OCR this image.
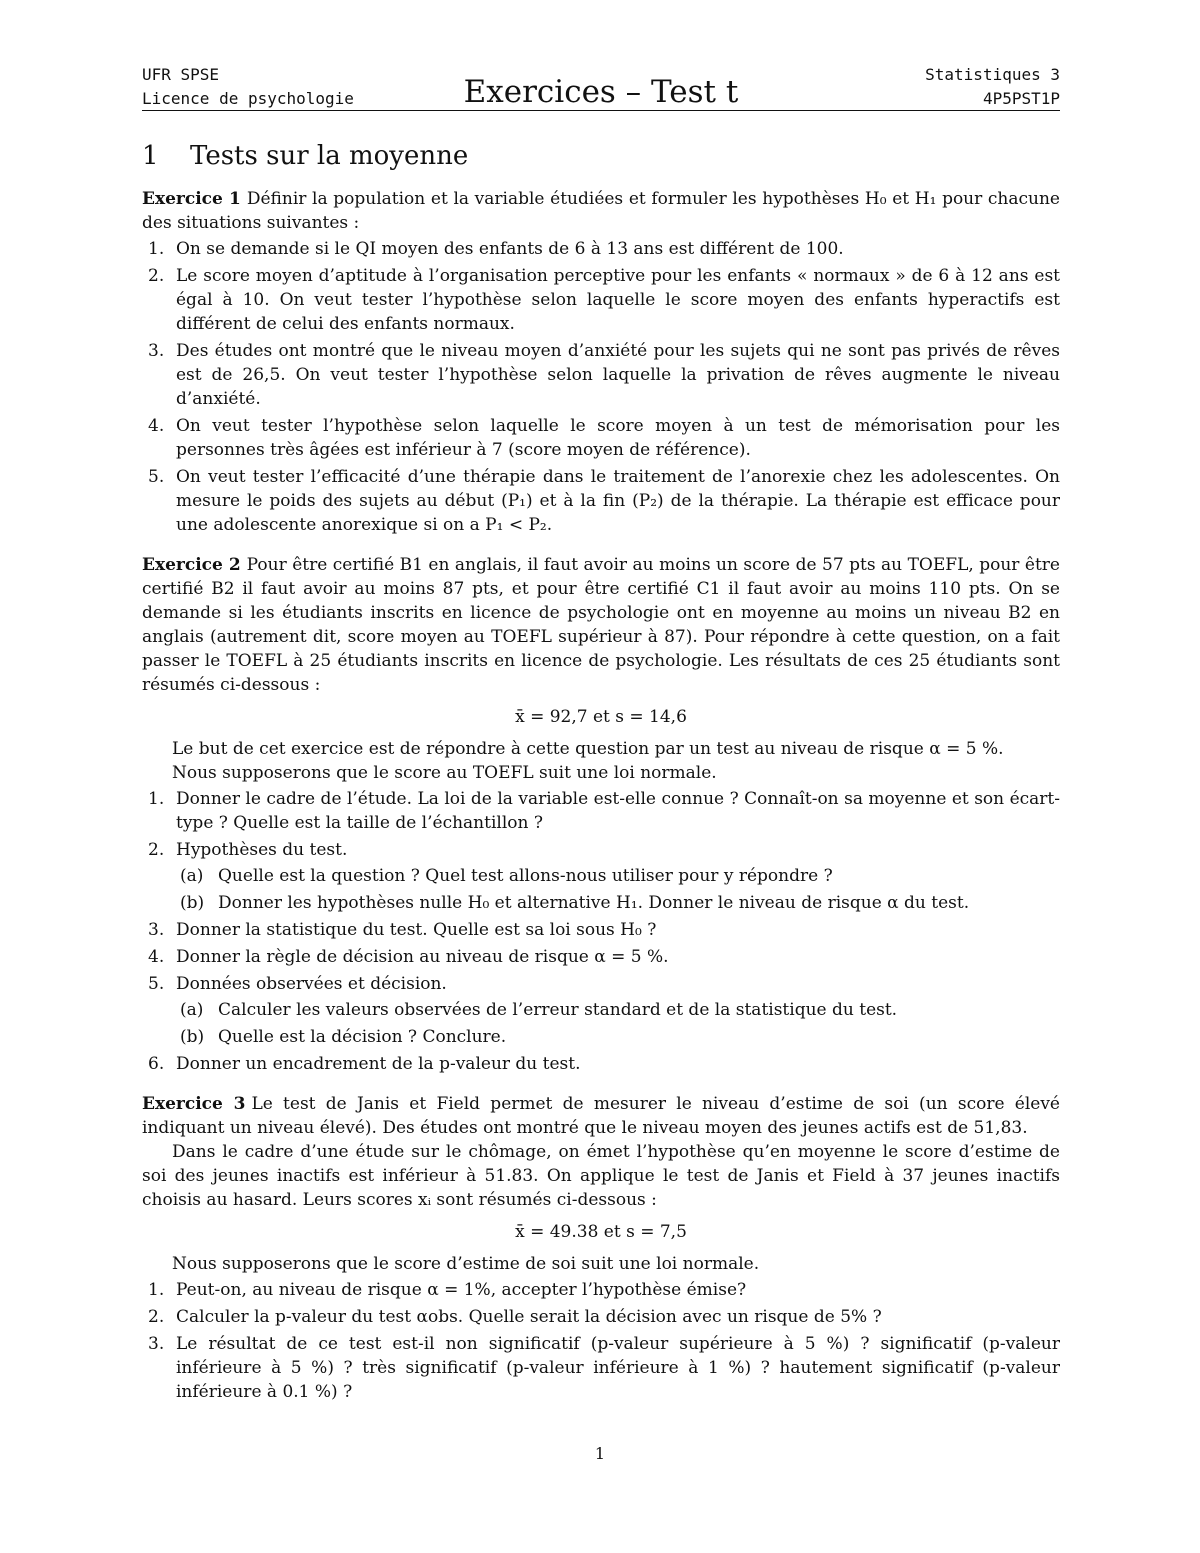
UFR SPSE
Licence de psychologie	Exercices – Test t	Statistiques 3
4P5PST1P
1 Tests sur la moyenne

Exercice 1 Définir la population et la variable étudiées et formuler les hypothèses H₀ et H₁ pour chacune des situations suivantes :

1. On se demande si le QI moyen des enfants de 6 à 13 ans est différent de 100.
2. Le score moyen d’aptitude à l’organisation perceptive pour les enfants « normaux » de 6 à 12 ans est égal à 10. On veut tester l’hypothèse selon laquelle le score moyen des enfants hyperactifs est différent de celui des enfants normaux.
3. Des études ont montré que le niveau moyen d’anxiété pour les sujets qui ne sont pas privés de rêves est de 26,5. On veut tester l’hypothèse selon laquelle la privation de rêves augmente le niveau d’anxiété.
4. On veut tester l’hypothèse selon laquelle le score moyen à un test de mémorisation pour les personnes très âgées est inférieur à 7 (score moyen de référence).
5. On veut tester l’efficacité d’une thérapie dans le traitement de l’anorexie chez les adolescentes. On mesure le poids des sujets au début (P₁) et à la fin (P₂) de la thérapie. La thérapie est efficace pour une adolescente anorexique si on a P₁ < P₂.

Exercice 2 Pour être certifié B1 en anglais, il faut avoir au moins un score de 57 pts au TOEFL, pour être certifié B2 il faut avoir au moins 87 pts, et pour être certifié C1 il faut avoir au moins 110 pts. On se demande si les étudiants inscrits en licence de psychologie ont en moyenne au moins un niveau B2 en anglais (autrement dit, score moyen au TOEFL supérieur à 87). Pour répondre à cette question, on a fait passer le TOEFL à 25 étudiants inscrits en licence de psychologie. Les résultats de ces 25 étudiants sont résumés ci-dessous :

x̄ = 92,7 et s = 14,6

Le but de cet exercice est de répondre à cette question par un test au niveau de risque α = 5 %.

Nous supposerons que le score au TOEFL suit une loi normale.

1. Donner le cadre de l’étude. La loi de la variable est-elle connue ? Connaît-on sa moyenne et son écart-type ? Quelle est la taille de l’échantillon ?
2. Hypothèses du test.
(a) Quelle est la question ? Quel test allons-nous utiliser pour y répondre ?
(b) Donner les hypothèses nulle H₀ et alternative H₁. Donner le niveau de risque α du test.
3. Donner la statistique du test. Quelle est sa loi sous H₀ ?
4. Donner la règle de décision au niveau de risque α = 5 %.
5. Données observées et décision.
(a) Calculer les valeurs observées de l’erreur standard et de la statistique du test.
(b) Quelle est la décision ? Conclure.
6. Donner un encadrement de la p-valeur du test.

Exercice 3 Le test de Janis et Field permet de mesurer le niveau d’estime de soi (un score élevé indiquant un niveau élevé). Des études ont montré que le niveau moyen des jeunes actifs est de 51,83.

Dans le cadre d’une étude sur le chômage, on émet l’hypothèse qu’en moyenne le score d’estime de soi des jeunes inactifs est inférieur à 51.83. On applique le test de Janis et Field à 37 jeunes inactifs choisis au hasard. Leurs scores xᵢ sont résumés ci-dessous :

x̄ = 49.38 et s = 7,5

Nous supposerons que le score d’estime de soi suit une loi normale.

1. Peut-on, au niveau de risque α = 1%, accepter l’hypothèse émise?
2. Calculer la p-valeur du test αobs. Quelle serait la décision avec un risque de 5% ?
3. Le résultat de ce test est-il non significatif (p-valeur supérieure à 5 %) ? significatif (p-valeur inférieure à 5 %) ? très significatif (p-valeur inférieure à 1 %) ? hautement significatif (p-valeur inférieure à 0.1 %) ?
1
